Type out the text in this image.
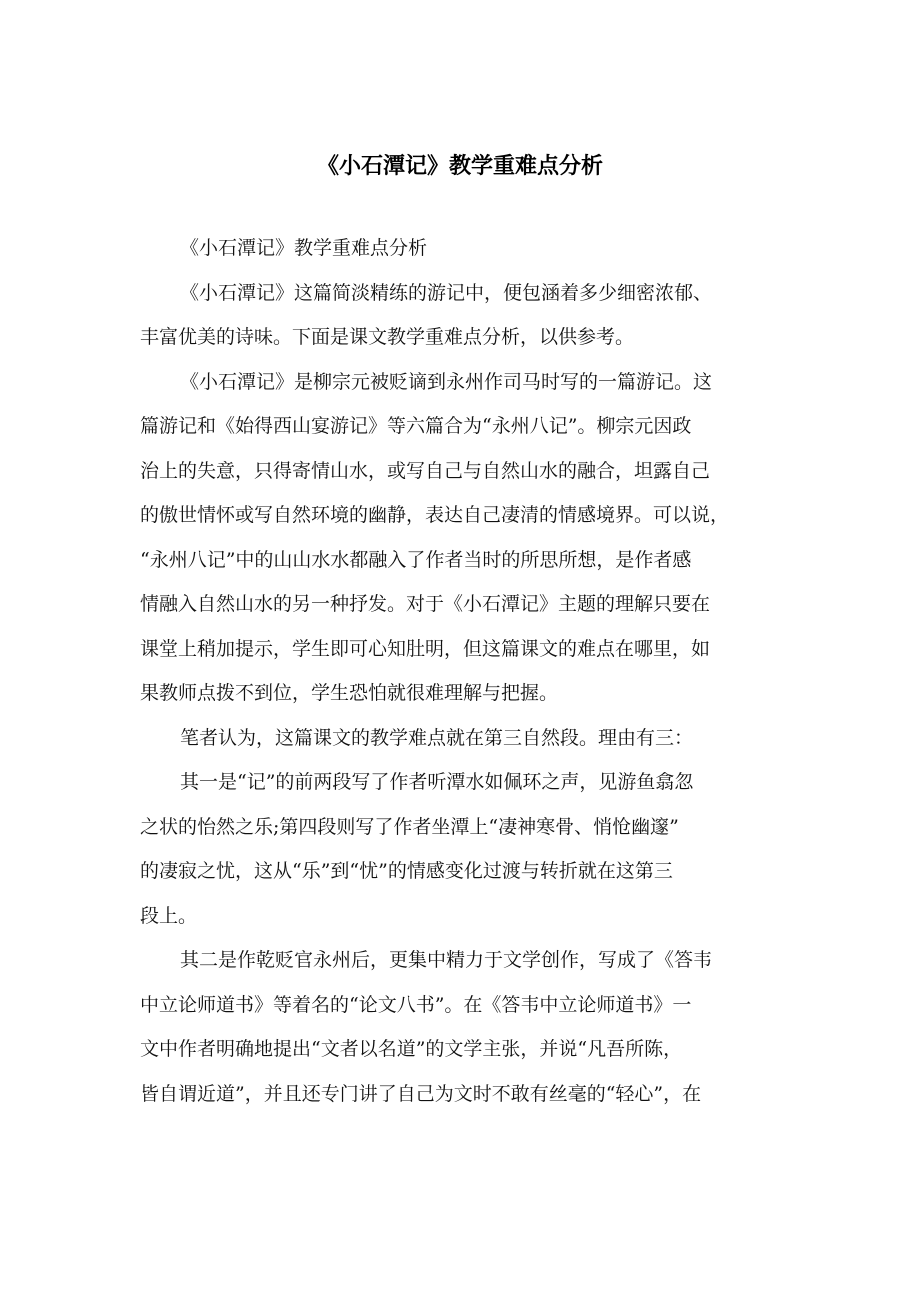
《小石潭记》教学重难点分析

《小石潭记》教学重难点分析

《小石潭记》这篇简淡精练的游记中，便包涵着多少细密浓郁、
丰富优美的诗味。下面是课文教学重难点分析，以供参考。

《小石潭记》是柳宗元被贬谪到永州作司马时写的一篇游记。这
篇游记和《始得西山宴游记》等六篇合为“永州八记”。柳宗元因政
治上的失意，只得寄情山水，或写自己与自然山水的融合，坦露自己
的傲世情怀或写自然环境的幽静，表达自己凄清的情感境界。可以说，
“永州八记”中的山山水水都融入了作者当时的所思所想，是作者感
情融入自然山水的另一种抒发。对于《小石潭记》主题的理解只要在
课堂上稍加提示，学生即可心知肚明，但这篇课文的难点在哪里，如
果教师点拨不到位，学生恐怕就很难理解与把握。

笔者认为，这篇课文的教学难点就在第三自然段。理由有三：

其一是“记”的前两段写了作者听潭水如佩环之声，见游鱼翕忽
之状的怡然之乐;第四段则写了作者坐潭上“凄神寒骨、悄怆幽邃”
的凄寂之忧，这从“乐”到“忧”的情感变化过渡与转折就在这第三
段上。

其二是作乾贬官永州后，更集中精力于文学创作，写成了《答韦
中立论师道书》等着名的“论文八书”。在《答韦中立论师道书》一
文中作者明确地提出“文者以名道”的文学主张，并说“凡吾所陈，
皆自谓近道”，并且还专门讲了自己为文时不敢有丝毫的“轻心”，在
